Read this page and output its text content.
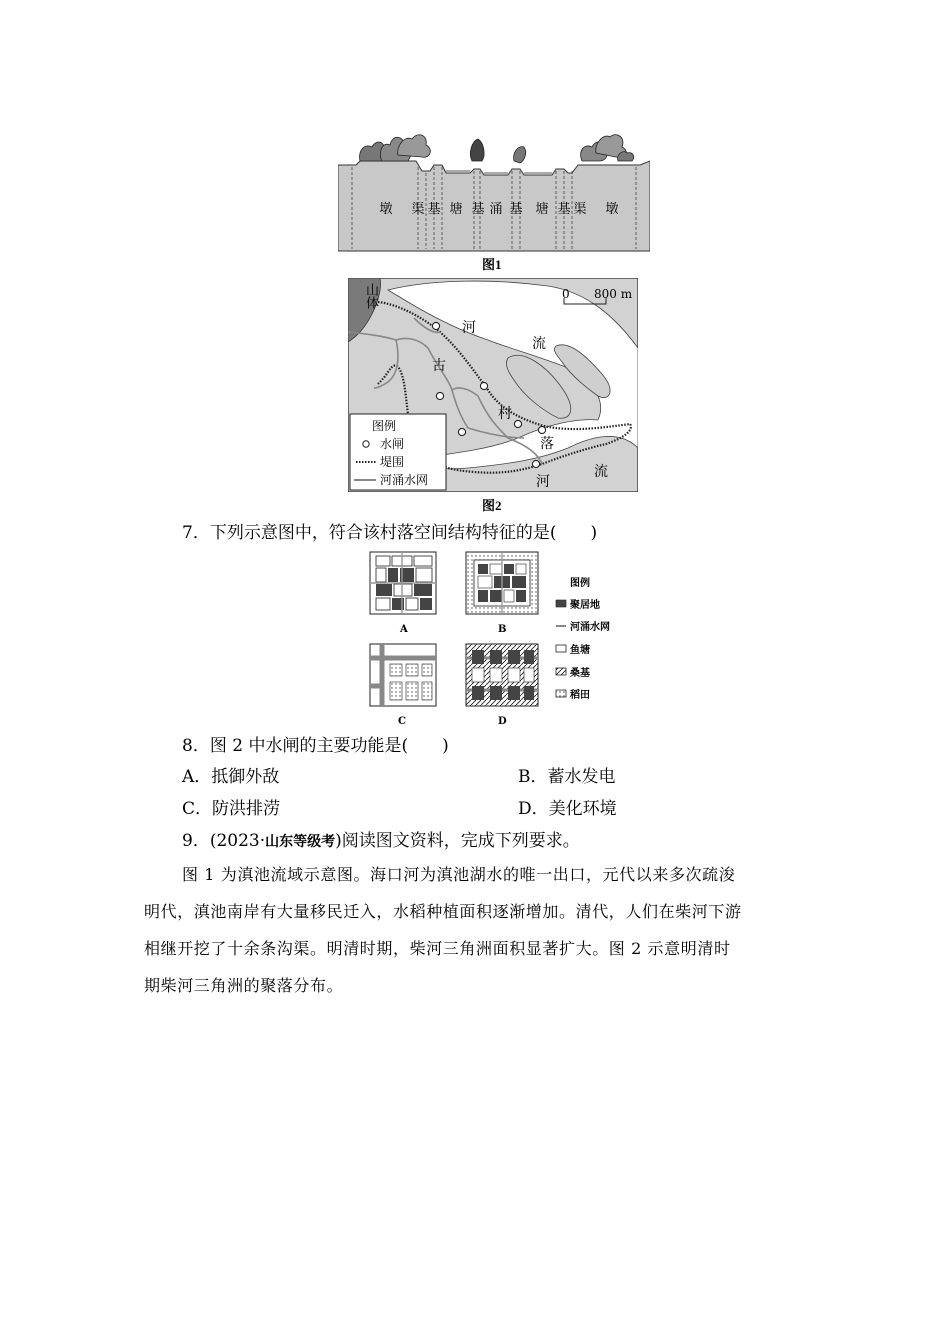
墩 渠 基 塘 基 涌 基 塘 基 渠 墩
图1
0 800 m
山体
河
流
古
村
落
河
流
图例
水闸
堤围
河涌水网
图2
7．下列示意图中，符合该村落空间结构特征的是(　　)
A	B
C	D
图例
聚居地
河涌水网
鱼塘
桑基
稻田
8．图 2 中水闸的主要功能是(　　)
A．抵御外敌	B．蓄水发电
C．防洪排涝	D．美化环境
9．(2023·山东等级考)阅读图文资料，完成下列要求。
图 1 为滇池流域示意图。海口河为滇池湖水的唯一出口，元代以来多次疏浚
明代，滇池南岸有大量移民迁入，水稻种植面积逐渐增加。清代，人们在柴河下游
相继开挖了十余条沟渠。明清时期，柴河三角洲面积显著扩大。图 2 示意明清时
期柴河三角洲的聚落分布。
